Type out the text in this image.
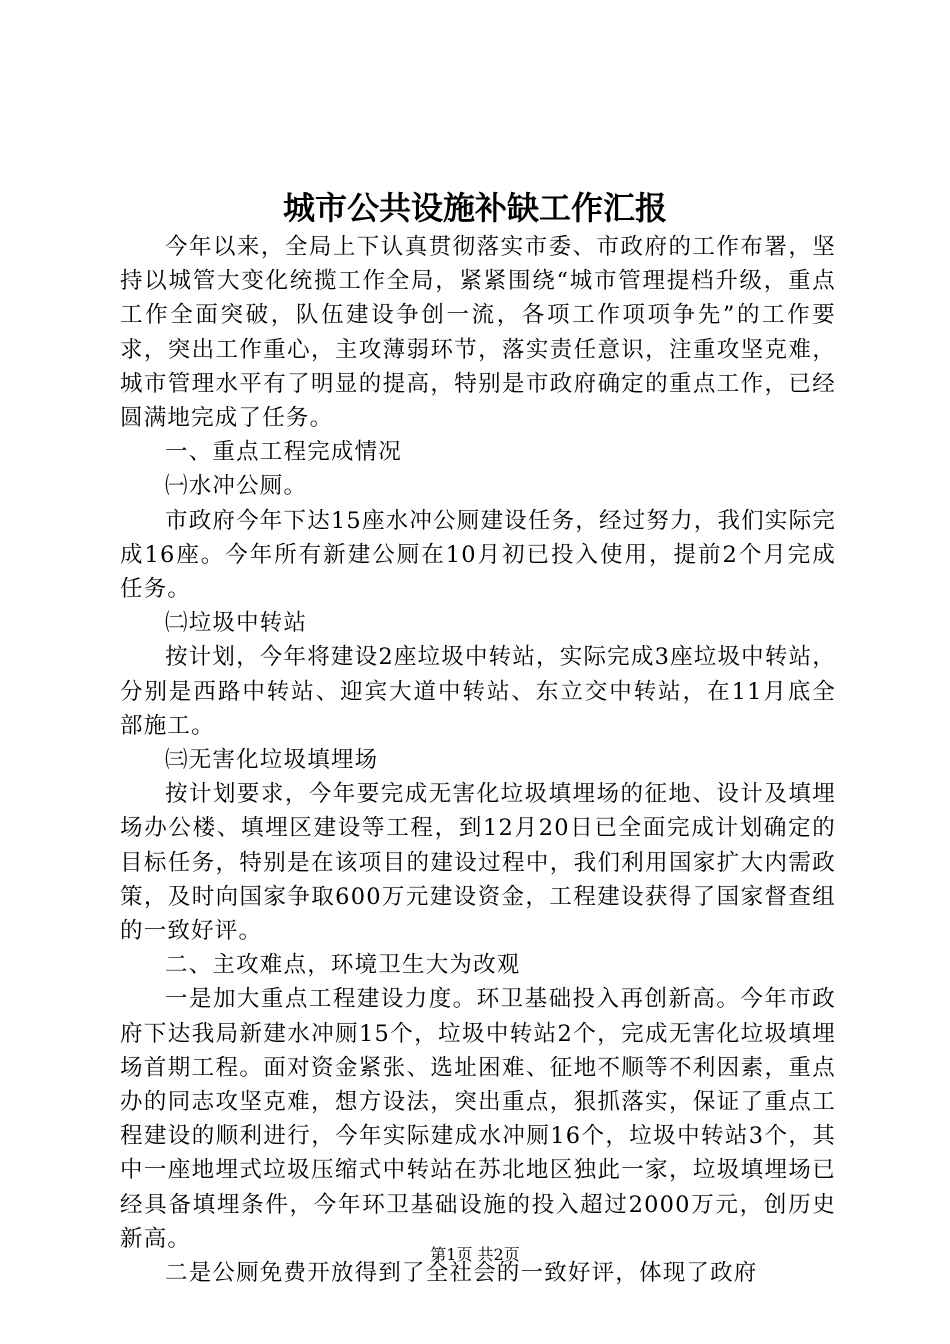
城市公共设施补缺工作汇报

今年以来，全局上下认真贯彻落实市委、市政府的工作布署，坚持以城管大变化统揽工作全局，紧紧围绕“城市管理提档升级，重点工作全面突破，队伍建设争创一流，各项工作项项争先”的工作要求，突出工作重心，主攻薄弱环节，落实责任意识，注重攻坚克难，城市管理水平有了明显的提高，特别是市政府确定的重点工作，已经圆满地完成了任务。

一、重点工程完成情况

㈠水冲公厕。

市政府今年下达15座水冲公厕建设任务，经过努力，我们实际完成16座。今年所有新建公厕在10月初已投入使用，提前2个月完成任务。

㈡垃圾中转站

按计划，今年将建设2座垃圾中转站，实际完成3座垃圾中转站，分别是西路中转站、迎宾大道中转站、东立交中转站，在11月底全部施工。

㈢无害化垃圾填埋场

按计划要求，今年要完成无害化垃圾填埋场的征地、设计及填埋场办公楼、填埋区建设等工程，到12月20日已全面完成计划确定的目标任务，特别是在该项目的建设过程中，我们利用国家扩大内需政策，及时向国家争取600万元建设资金，工程建设获得了国家督查组的一致好评。

二、主攻难点，环境卫生大为改观

一是加大重点工程建设力度。环卫基础投入再创新高。今年市政府下达我局新建水冲厕15个，垃圾中转站2个，完成无害化垃圾填埋场首期工程。面对资金紧张、选址困难、征地不顺等不利因素，重点办的同志攻坚克难，想方设法，突出重点，狠抓落实，保证了重点工程建设的顺利进行，今年实际建成水冲厕16个，垃圾中转站3个，其中一座地埋式垃圾压缩式中转站在苏北地区独此一家，垃圾填埋场已经具备填埋条件，今年环卫基础设施的投入超过2000万元，创历史新高。

二是公厕免费开放得到了全社会的一致好评，体现了政府

第1页 共2页
